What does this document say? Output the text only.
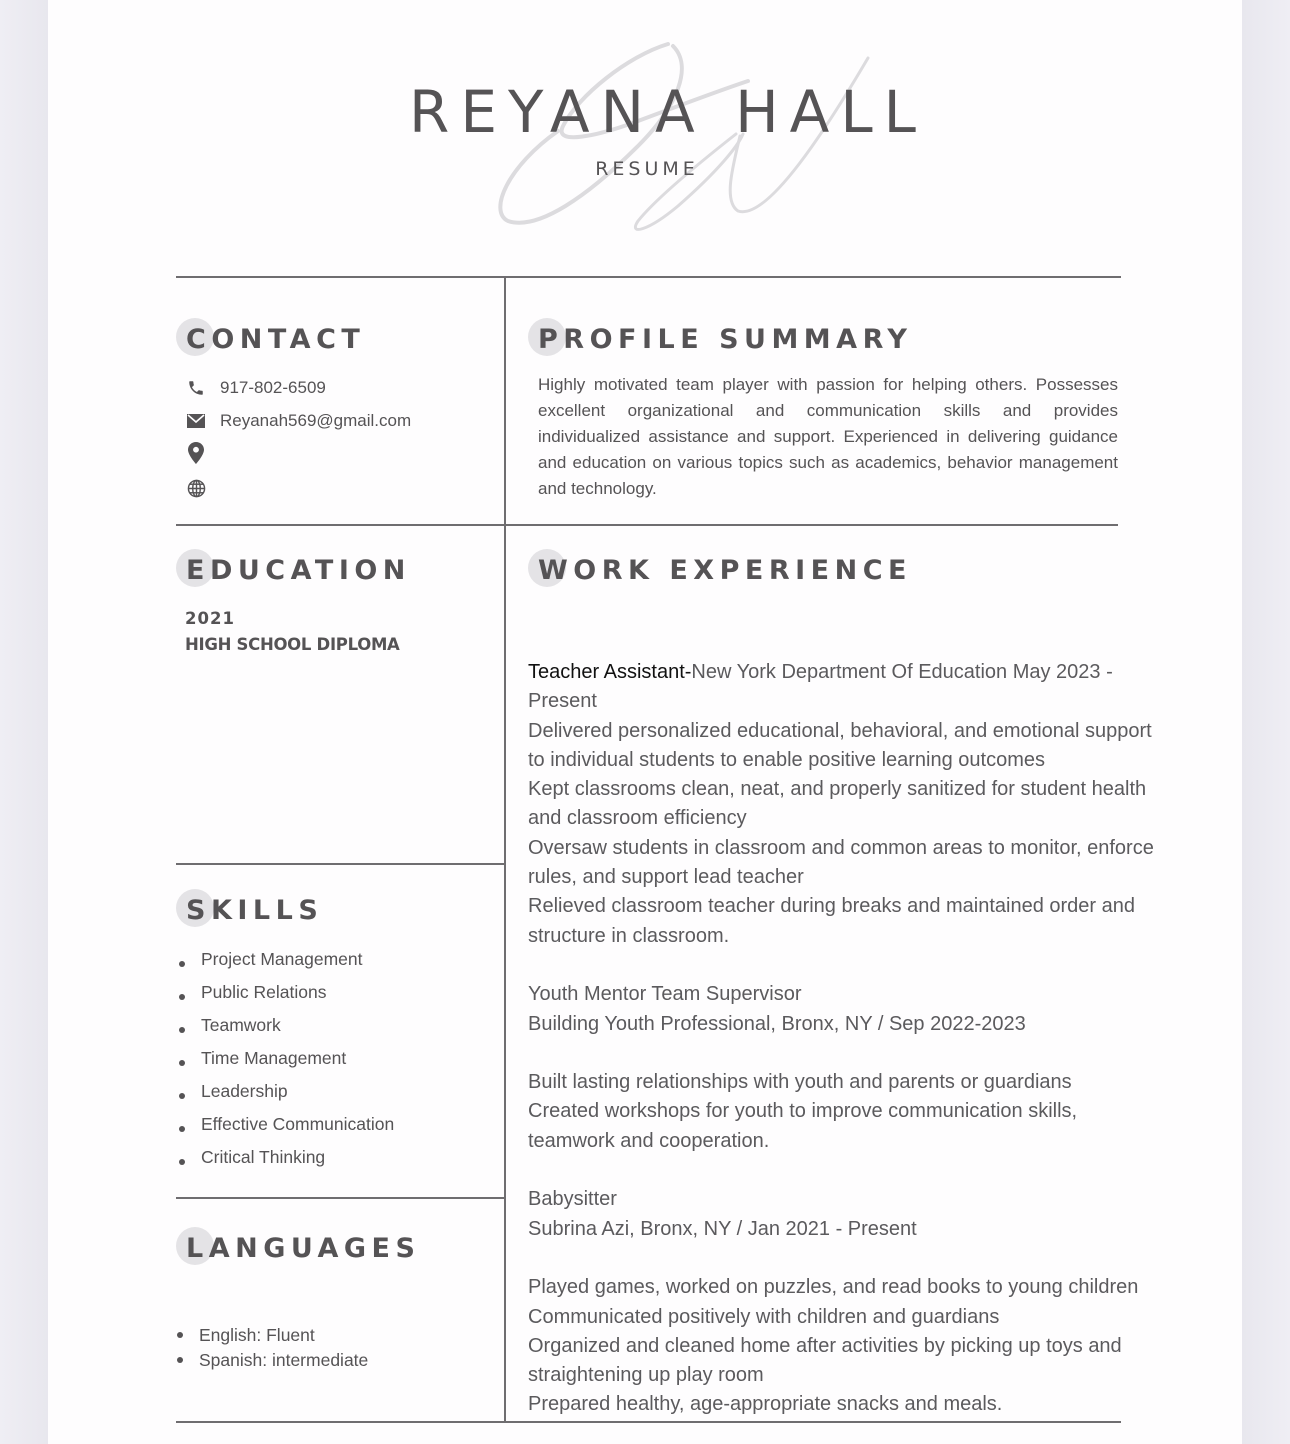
REYANA HALL
RESUME
CONTACT
917-802-6509
Reyanah569@gmail.com
PROFILE SUMMARY
Highly motivated team player with passion for helping others. Possesses excellent organizational and communication skills and provides individualized assistance and support. Experienced in delivering guidance and education on various topics such as academics, behavior management and technology.
EDUCATION
2021
HIGH SCHOOL DIPLOMA
SKILLS
Project Management
Public Relations
Teamwork
Time Management
Leadership
Effective Communication
Critical Thinking
LANGUAGES
English: Fluent
Spanish: intermediate
WORK EXPERIENCE
Teacher Assistant-New York Department Of Education May 2023 -
Present
Delivered personalized educational, behavioral, and emotional support
to individual students to enable positive learning outcomes
Kept classrooms clean, neat, and properly sanitized for student health
and classroom efficiency
Oversaw students in classroom and common areas to monitor, enforce
rules, and support lead teacher
Relieved classroom teacher during breaks and maintained order and
structure in classroom.
Youth Mentor Team Supervisor
Building Youth Professional, Bronx, NY / Sep 2022-2023
Built lasting relationships with youth and parents or guardians
Created workshops for youth to improve communication skills,
teamwork and cooperation.
Babysitter
Subrina Azi, Bronx, NY / Jan 2021 - Present
Played games, worked on puzzles, and read books to young children
Communicated positively with children and guardians
Organized and cleaned home after activities by picking up toys and
straightening up play room
Prepared healthy, age-appropriate snacks and meals.
